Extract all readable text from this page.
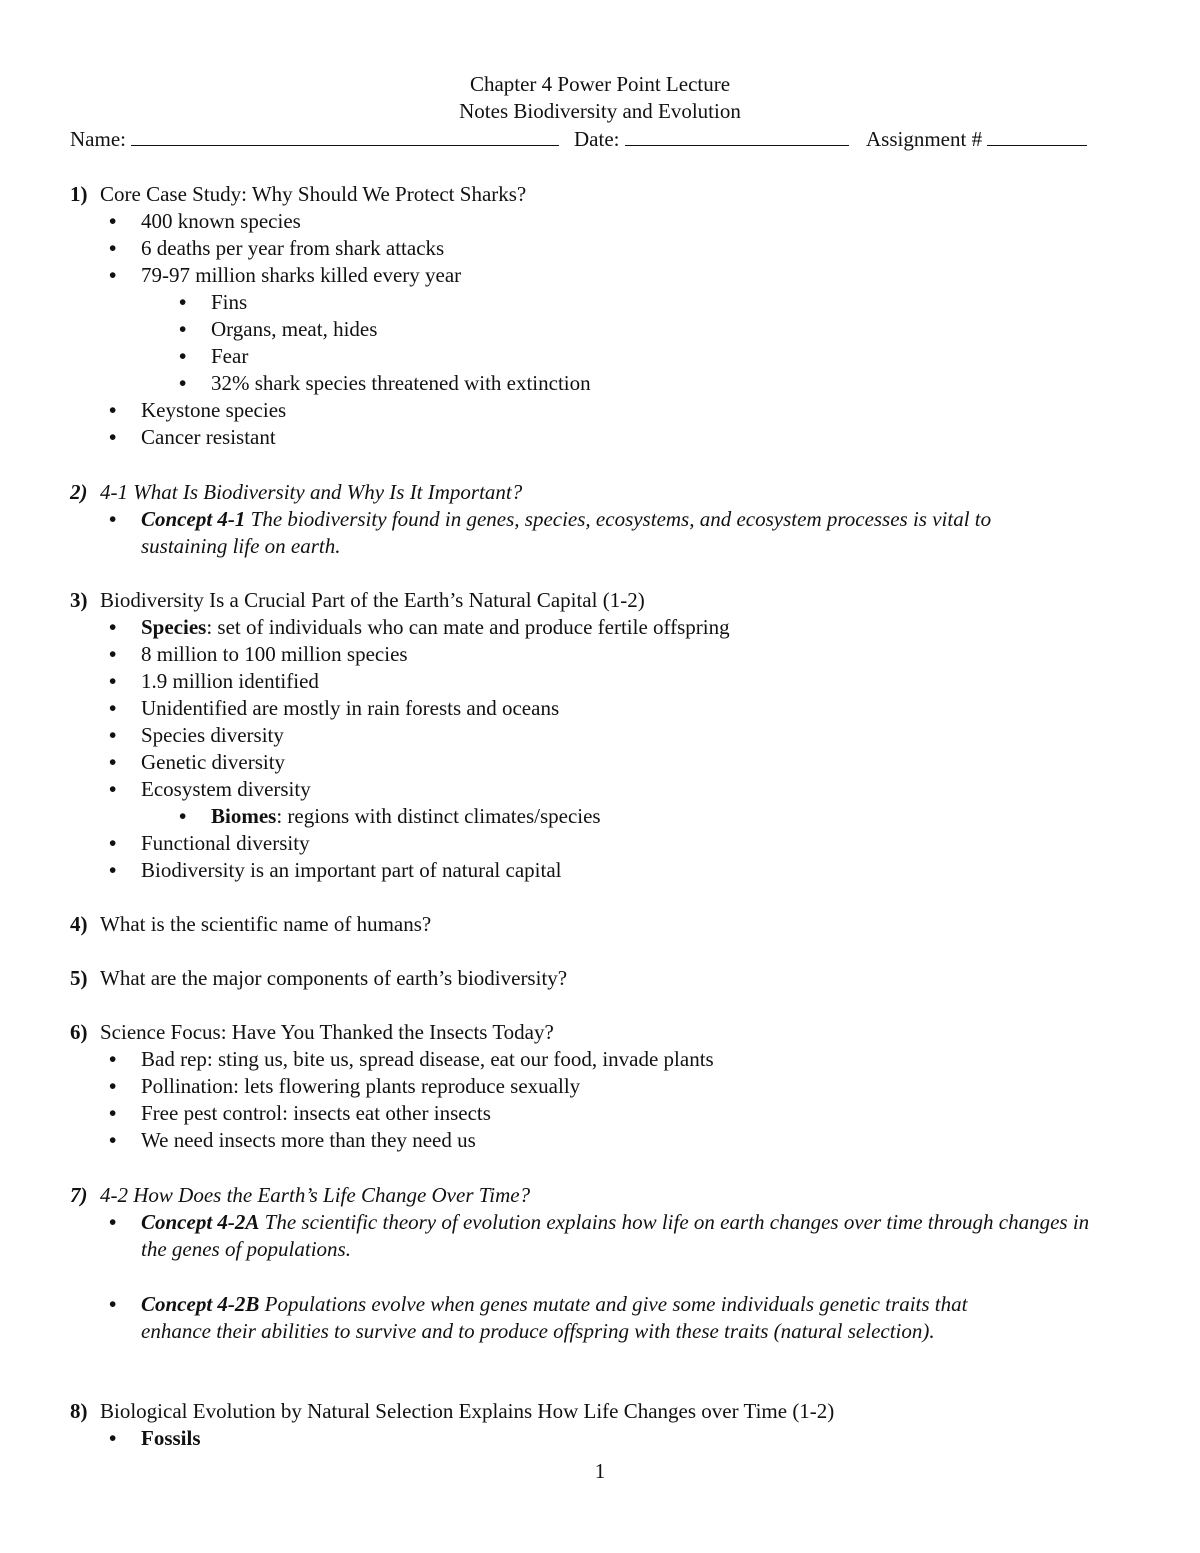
Chapter 4 Power Point Lecture
Notes Biodiversity and Evolution
Name:	Date:	Assignment #
1) Core Case Study: Why Should We Protect Sharks?
• 400 known species
• 6 deaths per year from shark attacks
• 79-97 million sharks killed every year
• Fins
• Organs, meat, hides
• Fear
• 32% shark species threatened with extinction
• Keystone species
• Cancer resistant
2) 4-1 What Is Biodiversity and Why Is It Important?
• Concept 4-1 The biodiversity found in genes, species, ecosystems, and ecosystem processes is vital to sustaining life on earth.
3) Biodiversity Is a Crucial Part of the Earth’s Natural Capital (1-2)
• Species: set of individuals who can mate and produce fertile offspring
• 8 million to 100 million species
• 1.9 million identified
• Unidentified are mostly in rain forests and oceans
• Species diversity
• Genetic diversity
• Ecosystem diversity
• Biomes: regions with distinct climates/species
• Functional diversity
• Biodiversity is an important part of natural capital
4) What is the scientific name of humans?
5) What are the major components of earth’s biodiversity?
6) Science Focus: Have You Thanked the Insects Today?
• Bad rep: sting us, bite us, spread disease, eat our food, invade plants
• Pollination: lets flowering plants reproduce sexually
• Free pest control: insects eat other insects
• We need insects more than they need us
7) 4-2 How Does the Earth’s Life Change Over Time?
• Concept 4-2A The scientific theory of evolution explains how life on earth changes over time through changes in the genes of populations.
• Concept 4-2B Populations evolve when genes mutate and give some individuals genetic traits that enhance their abilities to survive and to produce offspring with these traits (natural selection).
8) Biological Evolution by Natural Selection Explains How Life Changes over Time (1-2)
• Fossils
1
